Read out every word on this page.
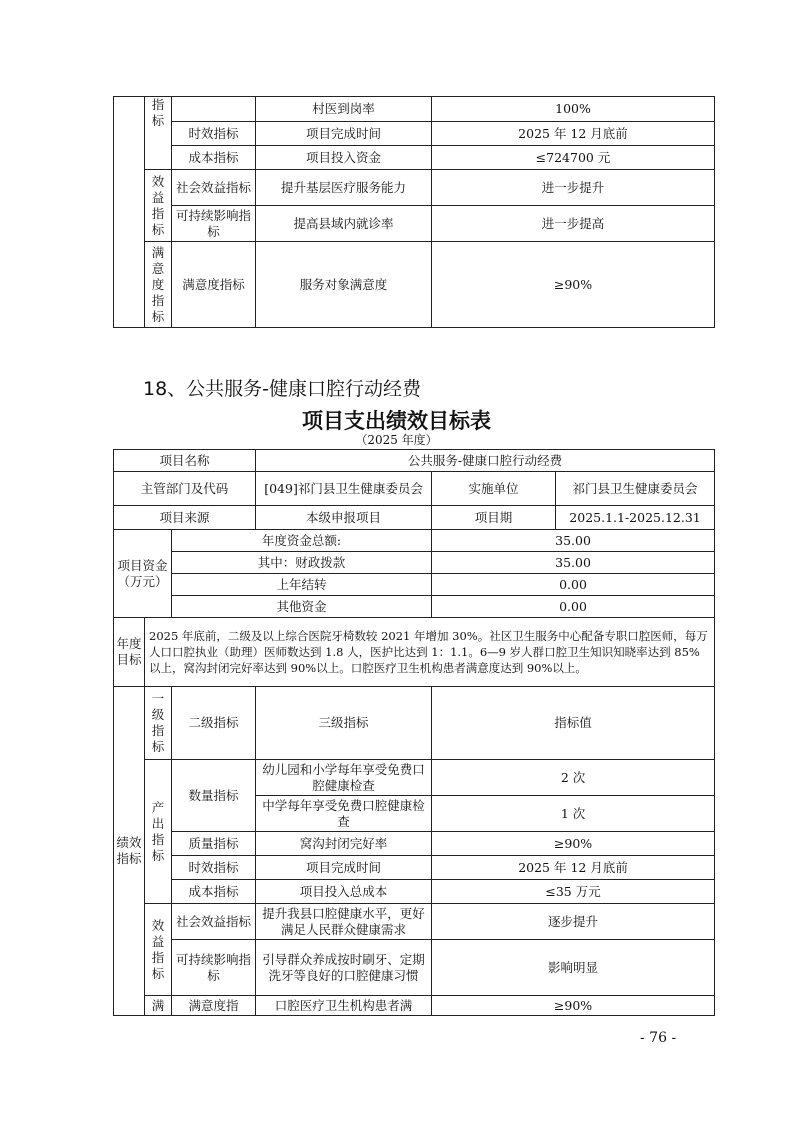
	指标		村医到岗率	100%
		时效指标	项目完成时间	2025 年 12 月底前
		成本指标	项目投入资金	≤724700 元
	效益指标	社会效益指标	提升基层医疗服务能力	进一步提升
		可持续影响指标	提高县域内就诊率	进一步提高
	满意度指标	满意度指标	服务对象满意度	≥90%
18、公共服务-健康口腔行动经费
项目支出绩效目标表
（2025 年度）
项目名称			公共服务-健康口腔行动经费		
主管部门及代码			[049]祁门县卫生健康委员会	实施单位	祁门县卫生健康委员会
项目来源			本级申报项目	项目期	2025.1.1-2025.12.31
项目资金（万元）		年度资金总额:		35.00	
		其中：财政拨款		35.00	
		上年结转		0.00	
		其他资金		0.00	
年度目标	2025 年底前，二级及以上综合医院牙椅数较 2021 年增加 30%。社区卫生服务中心配备专职口腔医师，每万人口口腔执业（助理）医师数达到 1.8 人，医护比达到 1：1.1。6—9 岁人群口腔卫生知识知晓率达到 85%以上，窝沟封闭完好率达到 90%以上。口腔医疗卫生机构患者满意度达到 90%以上。				
绩效指标	一级指标	二级指标	三级指标	指标值	
	产出指标	数量指标	幼儿园和小学每年享受免费口腔健康检查	2 次	
			中学每年享受免费口腔健康检查	1 次	
		质量指标	窝沟封闭完好率	≥90%	
		时效指标	项目完成时间	2025 年 12 月底前	
		成本指标	项目投入总成本	≤35 万元	
	效益指标	社会效益指标	提升我县口腔健康水平，更好满足人民群众健康需求	逐步提升	
		可持续影响指标	引导群众养成按时刷牙、定期洗牙等良好的口腔健康习惯	影响明显	
	满	满意度指	口腔医疗卫生机构患者满	≥90%	
- 76 -
